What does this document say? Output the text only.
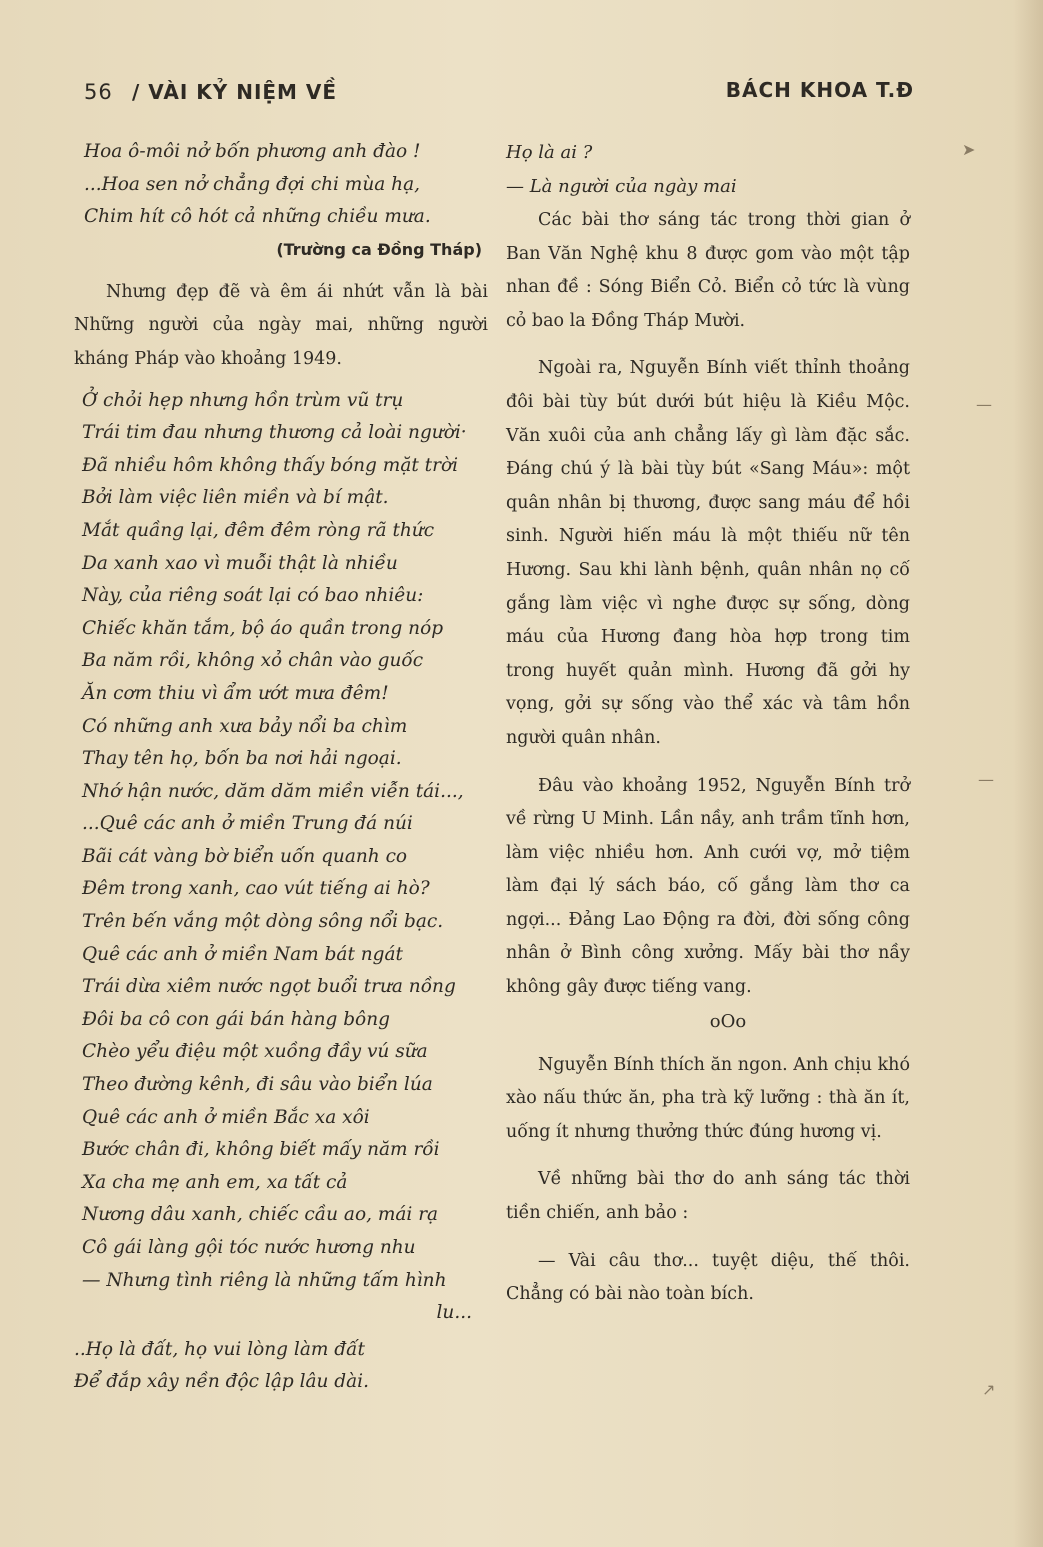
56 / VÀI KỶ NIỆM VỀ	BÁCH KHOA T.Đ
Hoa ô-môi nở bốn phương anh đào !
...Hoa sen nở chẳng đợi chi mùa hạ,
Chim hít cô hót cả những chiều mưa.
(Trường ca Đồng Tháp)

Nhưng đẹp đẽ và êm ái nhứt vẫn là bài Những người của ngày mai, những người kháng Pháp vào khoảng 1949.

Ở chỏi hẹp nhưng hồn trùm vũ trụ
Trái tim đau nhưng thương cả loài người·
Đã nhiều hôm không thấy bóng mặt trời
Bởi làm việc liên miền và bí mật.
Mắt quầng lại, đêm đêm ròng rã thức
Da xanh xao vì muỗi thật là nhiều
Này, của riêng soát lại có bao nhiêu:
Chiếc khăn tắm, bộ áo quần trong nóp
Ba năm rồi, không xỏ chân vào guốc
Ăn cơm thiu vì ẩm ướt mưa đêm!
Có những anh xưa bảy nổi ba chìm
Thay tên họ, bốn ba nơi hải ngoại.
Nhớ hận nước, dăm dăm miền viễn tái...,
...Quê các anh ở miền Trung đá núi
Bãi cát vàng bờ biển uốn quanh co
Đêm trong xanh, cao vút tiếng ai hò?
Trên bến vắng một dòng sông nổi bạc.
Quê các anh ở miền Nam bát ngát
Trái dừa xiêm nước ngọt buổi trưa nồng
Đôi ba cô con gái bán hàng bông
Chèo yểu điệu một xuồng đầy vú sữa
Theo đường kênh, đi sâu vào biển lúa
Quê các anh ở miền Bắc xa xôi
Bước chân đi, không biết mấy năm rồi
Xa cha mẹ anh em, xa tất cả
Nương dâu xanh, chiếc cầu ao, mái rạ
Cô gái làng gội tóc nước hương nhu
— Nhưng tình riêng là những tấm hình
lu...
..Họ là đất, họ vui lòng làm đất
Để đắp xây nền độc lập lâu dài.
Họ là ai ?
— Là người của ngày mai

Các bài thơ sáng tác trong thời gian ở Ban Văn Nghệ khu 8 được gom vào một tập nhan đề : Sóng Biển Cỏ. Biển cỏ tức là vùng cỏ bao la Đồng Tháp Mười.

Ngoài ra, Nguyễn Bính viết thỉnh thoảng đôi bài tùy bút dưới bút hiệu là Kiều Mộc. Văn xuôi của anh chẳng lấy gì làm đặc sắc. Đáng chú ý là bài tùy bút «Sang Máu»: một quân nhân bị thương, được sang máu để hồi sinh. Người hiến máu là một thiếu nữ tên Hương. Sau khi lành bệnh, quân nhân nọ cố gắng làm việc vì nghe được sự sống, dòng máu của Hương đang hòa hợp trong tim trong huyết quản mình. Hương đã gởi hy vọng, gởi sự sống vào thể xác và tâm hồn người quân nhân.

Đâu vào khoảng 1952, Nguyễn Bính trở về rừng U Minh. Lần nầy, anh trầm tĩnh hơn, làm việc nhiều hơn. Anh cưới vợ, mở tiệm làm đại lý sách báo, cố gắng làm thơ ca ngợi... Đảng Lao Động ra đời, đời sống công nhân ở Bình công xưởng. Mấy bài thơ nầy không gây được tiếng vang.

oOo

Nguyễn Bính thích ăn ngon. Anh chịu khó xào nấu thức ăn, pha trà kỹ lưỡng : thà ăn ít, uống ít nhưng thưởng thức đúng hương vị.

Về những bài thơ do anh sáng tác thời tiền chiến, anh bảo :

— Vài câu thơ... tuyệt diệu, thế thôi. Chẳng có bài nào toàn bích.

➤
—
—
↗
